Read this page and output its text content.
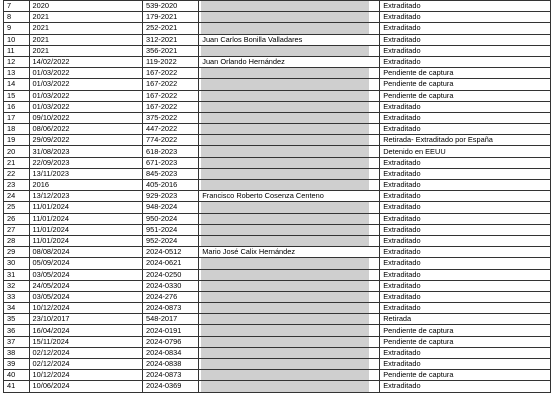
7	2020	539-2020		Extraditado
8	2021	179-2021		Extraditado
9	2021	252-2021		Extraditado
10	2021	312-2021	Juan Carlos Bonilla Valladares	Extraditado
11	2021	356-2021		Extraditado
12	14/02/2022	119-2022	Juan Orlando Hernández	Extraditado
13	01/03/2022	167-2022		Pendiente de captura
14	01/03/2022	167-2022		Pendiente de captura
15	01/03/2022	167-2022		Pendiente de captura
16	01/03/2022	167-2022		Extraditado
17	09/10/2022	375-2022		Extraditado
18	08/06/2022	447-2022		Extraditado
19	29/09/2022	774-2022		Retirada- Extraditado por España
20	31/08/2023	618-2023		Detenido en EEUU
21	22/09/2023	671-2023		Extraditado
22	13/11/2023	845-2023		Extraditado
23	2016	405-2016		Extraditado
24	13/12/2023	929-2023	Francisco Roberto Cosenza Centeno	Extraditado
25	11/01/2024	948-2024		Extraditado
26	11/01/2024	950-2024		Extraditado
27	11/01/2024	951-2024		Extraditado
28	11/01/2024	952-2024		Extraditado
29	08/08/2024	2024-0512	Mario José Calix Hernández	Extraditado
30	05/09/2024	2024-0621		Extraditado
31	03/05/2024	2024-0250		Extraditado
32	24/05/2024	2024-0330		Extraditado
33	03/05/2024	2024-276		Extraditado
34	10/12/2024	2024-0873		Extraditado
35	23/10/2017	548-2017		Retirada
36	16/04/2024	2024-0191		Pendiente de captura
37	15/11/2024	2024-0796		Pendiente de captura
38	02/12/2024	2024-0834		Extraditado
39	02/12/2024	2024-0838		Extraditado
40	10/12/2024	2024-0873		Pendiente de captura
41	10/06/2024	2024-0369		Extraditado
